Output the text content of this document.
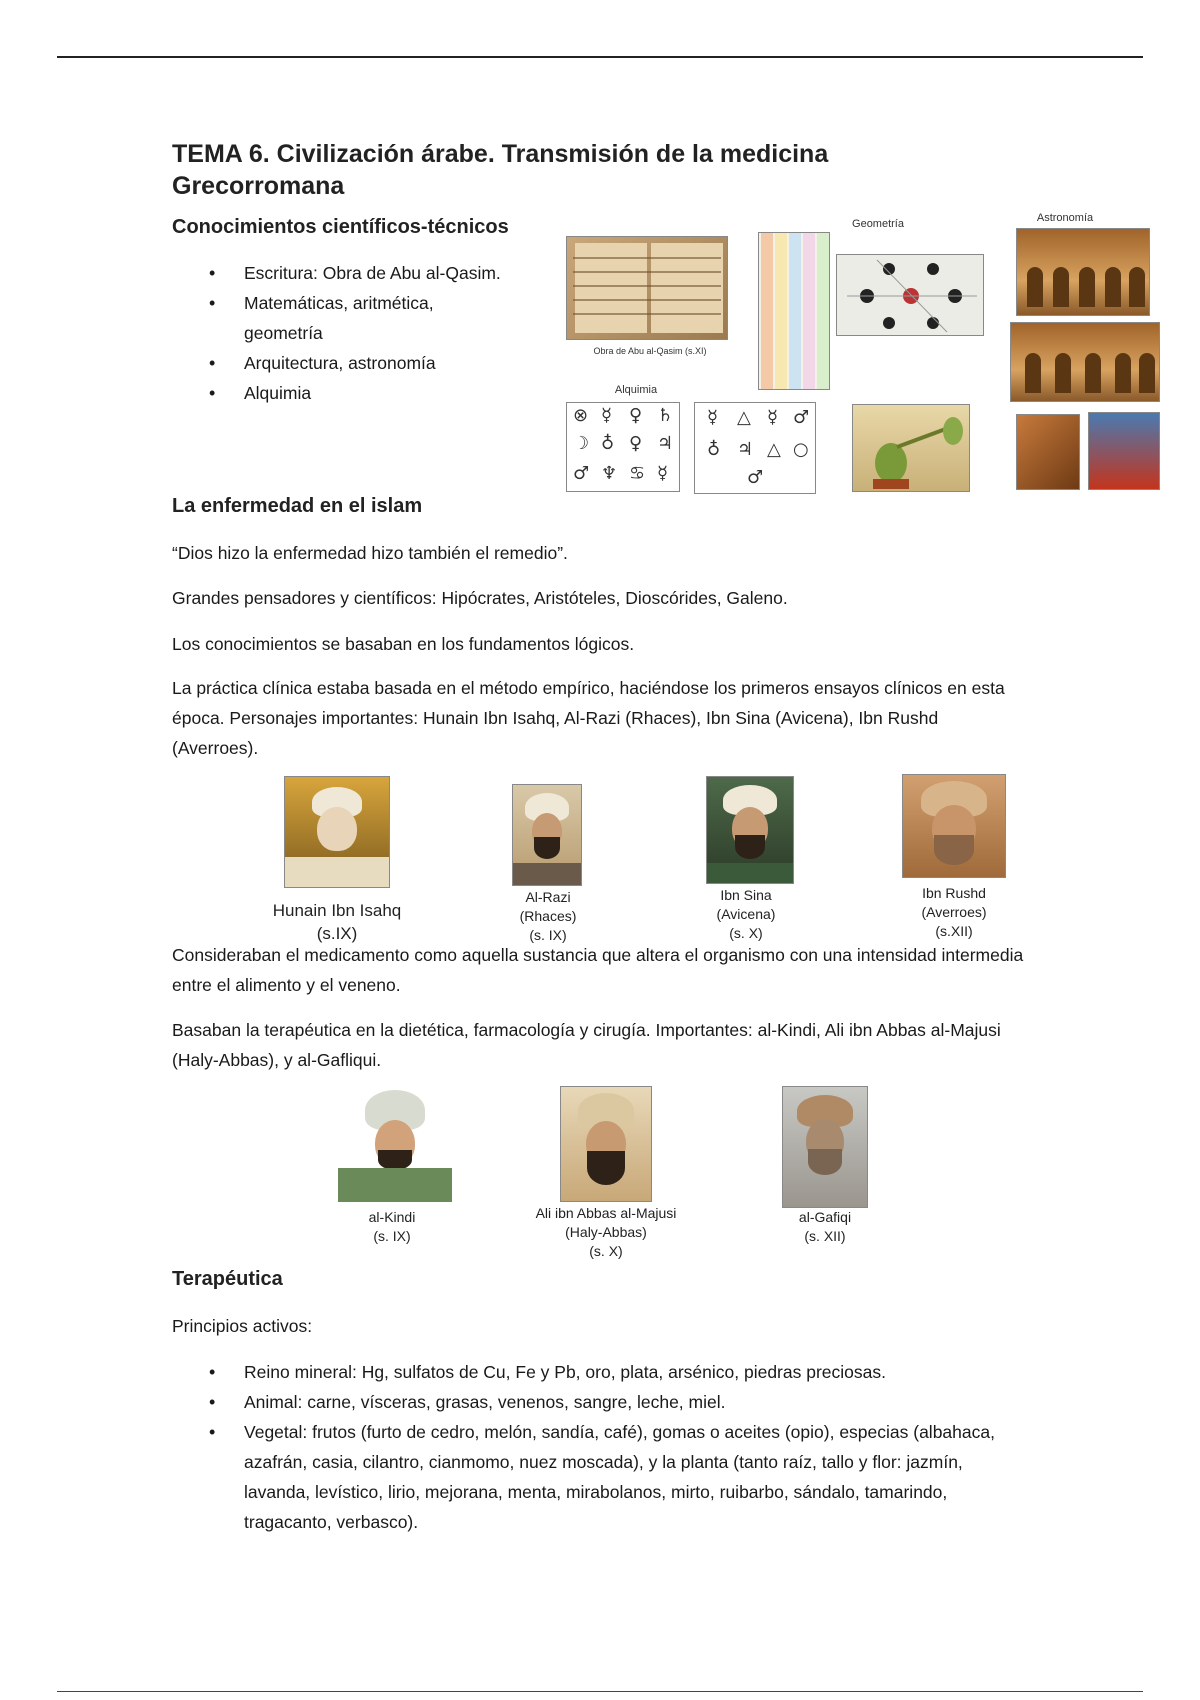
TEMA 6. Civilización árabe. Transmisión de la medicina Grecorromana
Conocimientos científicos-técnicos
• Escritura: Obra de Abu al-Qasim.
• Matemáticas, aritmética, geometría
• Arquitectura, astronomía
• Alquimia
Obra de Abu al-Qasim (s.XI)
Geometría	Astronomía
Alquimia
⊗ ☿ ♀ ♄
☽ ♁ ♀ ♃
♂ ♆ ♋ ☿
☿ △ ☿ ♂
♁ ♃ △ ○
♂
La enfermedad en el islam
“Dios hizo la enfermedad hizo también el remedio”.
Grandes pensadores y científicos: Hipócrates, Aristóteles, Dioscórides, Galeno.
Los conocimientos se basaban en los fundamentos lógicos.
La práctica clínica estaba basada en el método empírico, haciéndose los primeros ensayos clínicos en esta época. Personajes importantes: Hunain Ibn Isahq, Al-Razi (Rhaces), Ibn Sina (Avicena), Ibn Rushd (Averroes).
Hunain Ibn Isahq
(s.IX)
Al-Razi
(Rhaces)
(s. IX)
Ibn Sina
(Avicena)
(s. X)
Ibn Rushd
(Averroes)
(s.XII)
Consideraban el medicamento como aquella sustancia que altera el organismo con una intensidad intermedia entre el alimento y el veneno.
Basaban la terapéutica en la dietética, farmacología y cirugía. Importantes: al-Kindi, Ali ibn Abbas al-Majusi (Haly-Abbas), y al-Gafliqui.
al-Kindi
(s. IX)
Ali ibn Abbas al-Majusi
(Haly-Abbas)
(s. X)
al-Gafiqi
(s. XII)
Terapéutica
Principios activos:
• Reino mineral: Hg, sulfatos de Cu, Fe y Pb, oro, plata, arsénico, piedras preciosas.
• Animal: carne, vísceras, grasas, venenos, sangre, leche, miel.
• Vegetal: frutos (furto de cedro, melón, sandía, café), gomas o aceites (opio), especias (albahaca, azafrán, casia, cilantro, cianmomo, nuez moscada), y la planta (tanto raíz, tallo y flor: jazmín, lavanda, levístico, lirio, mejorana, menta, mirabolanos, mirto, ruibarbo, sándalo, tamarindo, tragacanto, verbasco).
